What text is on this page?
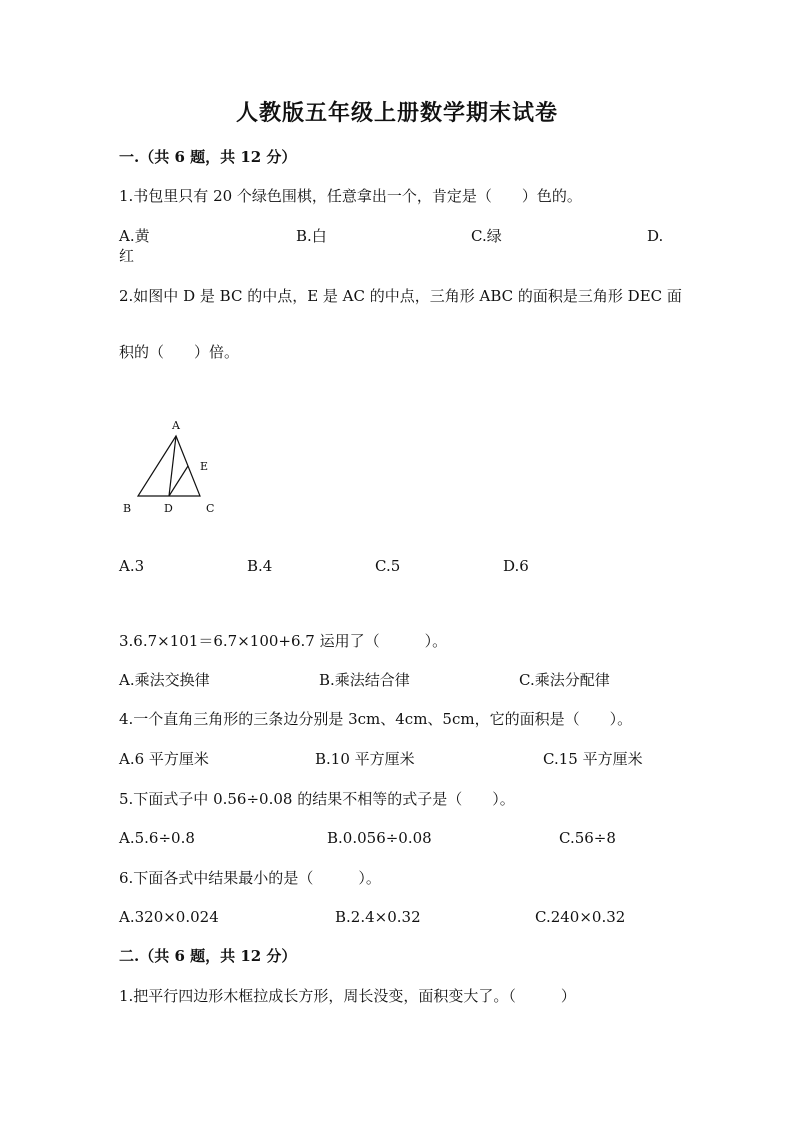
人教版五年级上册数学期末试卷
一.（共 6 题，共 12 分）
1.书包里只有 20 个绿色围棋，任意拿出一个，肯定是（　　）色的。
A.黄	B.白	C.绿	D.
红
2.如图中 D 是 BC 的中点，E 是 AC 的中点，三角形 ABC 的面积是三角形 DEC 面
积的（　　）倍。
A
E
B	D	C
A.3	B.4	C.5	D.6
3.6.7×101＝6.7×100+6.7 运用了（　　　）。
A.乘法交换律	B.乘法结合律	C.乘法分配律
4.一个直角三角形的三条边分别是 3cm、4cm、5cm，它的面积是（　　）。
A.6 平方厘米	B.10 平方厘米	C.15 平方厘米
5.下面式子中 0.56÷0.08 的结果不相等的式子是（　　）。
A.5.6÷0.8	B.0.056÷0.08	C.56÷8
6.下面各式中结果最小的是（　　　）。
A.320×0.024	B.2.4×0.32	C.240×0.32
二.（共 6 题，共 12 分）
1.把平行四边形木框拉成长方形，周长没变，面积变大了。（　　　）
